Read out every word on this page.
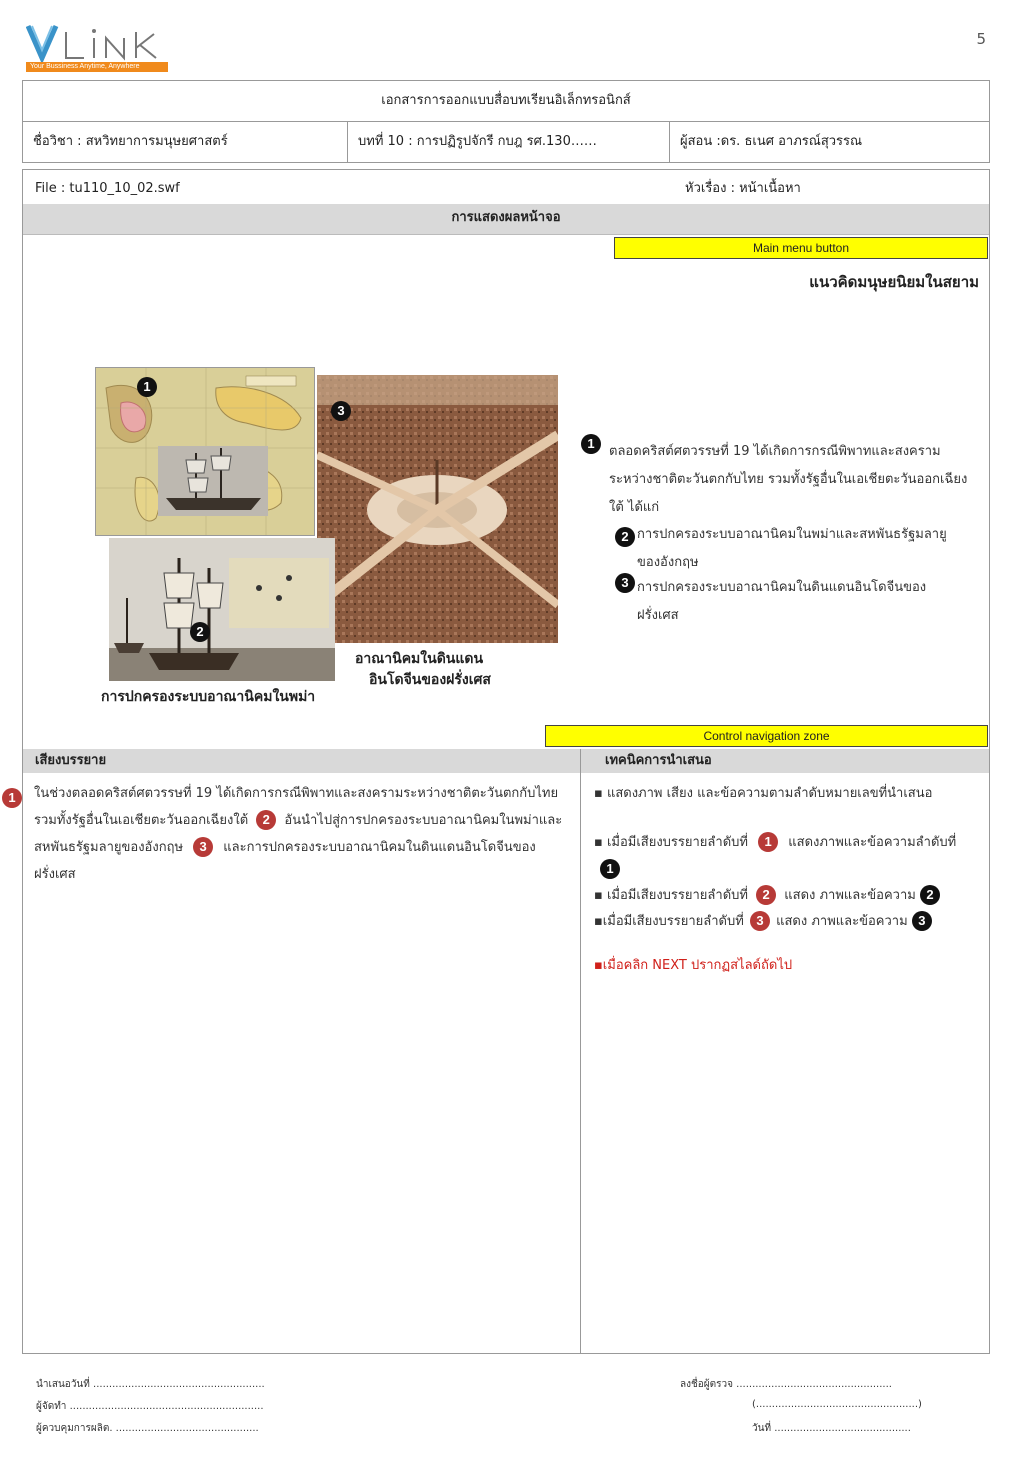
Your Bussiness Anytime, Anywhere
5
เอกสารการออกแบบสื่อบทเรียนอิเล็กทรอนิกส์
ชื่อวิชา : สหวิทยาการมนุษยศาสตร์	บทที่ 10 : การปฏิรูปจักรี กบฎ รศ.130……	ผู้สอน :ดร. ธเนศ อาภรณ์สุวรรณ
File : tu110_10_02.swf	หัวเรื่อง : หน้าเนื้อหา
การแสดงผลหน้าจอ
Main menu button
แนวคิดมนุษยนิยมในสยาม
1
3
2
การปกครองระบบอาณานิคมในพม่า
อาณานิคมในดินแดน
อินโดจีนของฝรั่งเศส
1
ตลอดคริสต์ศตวรรษที่ 19 ได้เกิดการกรณีพิพาทและสงครามระหว่างชาติตะวันตกกับไทย รวมทั้งรัฐอื่นในเอเชียตะวันออกเฉียงใต้ ได้แก่
2 การปกครองระบบอาณานิคมในพม่าและสหพันธรัฐมลายูของอังกฤษ
3 การปกครองระบบอาณานิคมในดินแดนอินโดจีนของฝรั่งเศส
Control navigation zone
เสียงบรรยาย	เทคนิคการนำเสนอ
1	ในช่วงตลอดคริสต์ศตวรรษที่ 19 ได้เกิดการกรณีพิพาทและสงครามระหว่างชาติตะวันตกกับไทย รวมทั้งรัฐอื่นในเอเชียตะวันออกเฉียงใต้ 2 อันนำไปสู่การปกครองระบบอาณานิคมในพม่าและสหพันธรัฐมลายูของอังกฤษ 3 และการปกครองระบบอาณานิคมในดินแดนอินโดจีนของฝรั่งเศส
▪ แสดงภาพ เสียง และข้อความตามลำดับหมายเลขที่นำเสนอ
▪ เมื่อมีเสียงบรรยายลำดับที่ 1 แสดงภาพและข้อความลำดับที่ 1
▪ เมื่อมีเสียงบรรยายลำดับที่ 2 แสดง ภาพและข้อความ 2
▪เมื่อมีเสียงบรรยายลำดับที่ 3 แสดง ภาพและข้อความ 3
▪เมื่อคลิก NEXT ปรากฏสไลด์ถัดไป
นำเสนอวันที่ ......................................................
ผู้จัดทำ .............................................................
ผู้ควบคุมการผลิต. .............................................
ลงชื่อผู้ตรวจ .................................................
(...................................................)
วันที่ ...........................................
